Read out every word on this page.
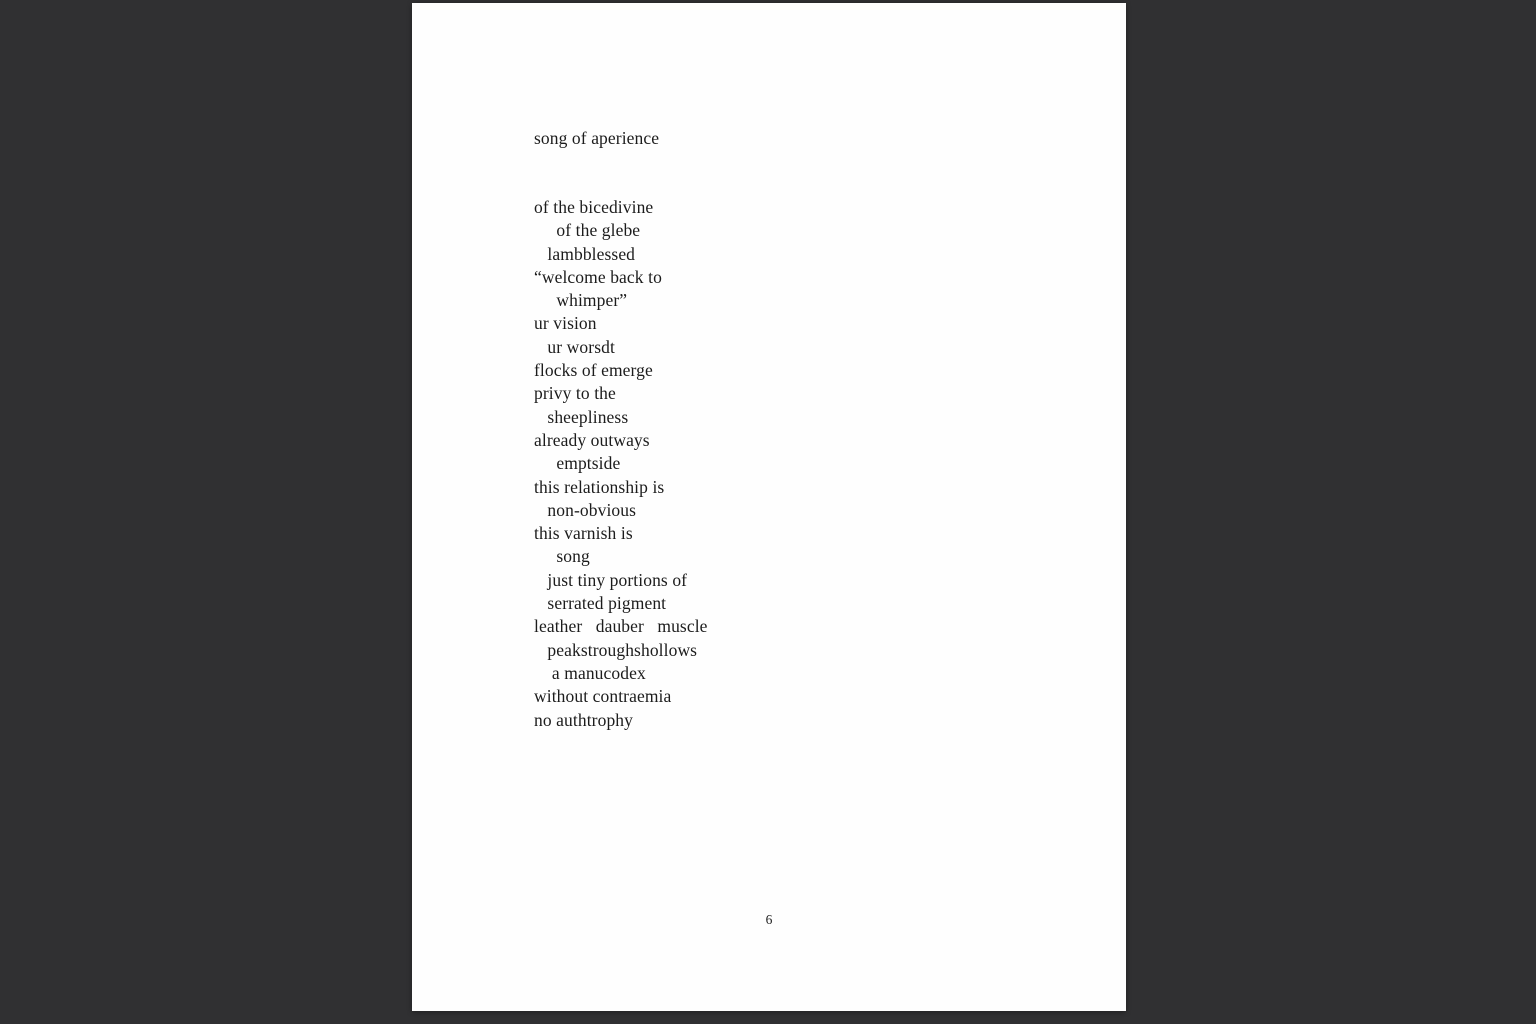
song of aperience
of the bicedivine
of the glebe
lambblessed
“welcome back to
whimper”
ur vision
ur worsdt
flocks of emerge
privy to the
sheepliness
already outways
emptside
this relationship is
non-obvious
this varnish is
song
just tiny portions of
serrated pigment
leather   dauber   muscle
peakstroughshollows
a manucodex
without contraemia
no authtrophy
6
